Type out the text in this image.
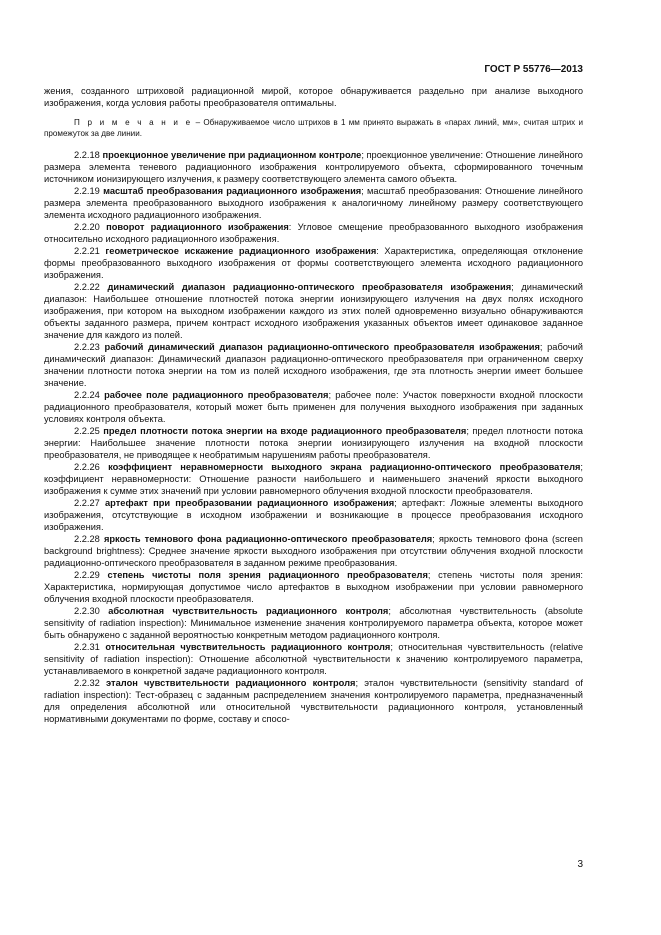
ГОСТ Р 55776—2013

жения, созданного штриховой радиационной мирой, которое обнаруживается раздельно при анализе выходного изображения, когда условия работы преобразователя оптимальны.

П р и м е ч а н и е – Обнаруживаемое число штрихов в 1 мм принято выражать в «парах линий, мм», считая штрих и промежуток за две линии.

2.2.18 проекционное увеличение при радиационном контроле; проекционное увеличение: Отношение линейного размера элемента теневого радиационного изображения контролируемого объекта, сформированного точечным источником ионизирующего излучения, к размеру соответствующего элемента самого объекта.

2.2.19 масштаб преобразования радиационного изображения; масштаб преобразования: Отношение линейного размера элемента преобразованного выходного изображения к аналогичному линейному размеру соответствующего элемента исходного радиационного изображения.

2.2.20 поворот радиационного изображения: Угловое смещение преобразованного выходного изображения относительно исходного радиационного изображения.

2.2.21 геометрическое искажение радиационного изображения: Характеристика, определяющая отклонение формы преобразованного выходного изображения от формы соответствующего элемента исходного радиационного изображения.

2.2.22 динамический диапазон радиационно-оптического преобразователя изображения; динамический диапазон: Наибольшее отношение плотностей потока энергии ионизирующего излучения на двух полях исходного изображения, при котором на выходном изображении каждого из этих полей одновременно визуально обнаруживаются объекты заданного размера, причем контраст исходного изображения указанных объектов имеет одинаковое заданное значение для каждого из полей.

2.2.23 рабочий динамический диапазон радиационно-оптического преобразователя изображения; рабочий динамический диапазон: Динамический диапазон радиационно-оптического преобразователя при ограниченном сверху значении плотности потока энергии на том из полей исходного изображения, где эта плотность энергии имеет большее значение.

2.2.24 рабочее поле радиационного преобразователя; рабочее поле: Участок поверхности входной плоскости радиационного преобразователя, который может быть применен для получения выходного изображения при заданных условиях контроля объекта.

2.2.25 предел плотности потока энергии на входе радиационного преобразователя; предел плотности потока энергии: Наибольшее значение плотности потока энергии ионизирующего излучения на входной плоскости преобразователя, не приводящее к необратимым нарушениям работы преобразователя.

2.2.26 коэффициент неравномерности выходного экрана радиационно-оптического преобразователя; коэффициент неравномерности: Отношение разности наибольшего и наименьшего значений яркости выходного изображения к сумме этих значений при условии равномерного облучения входной плоскости преобразователя.

2.2.27 артефакт при преобразовании радиационного изображения; артефакт: Ложные элементы выходного изображения, отсутствующие в исходном изображении и возникающие в процессе преобразования исходного изображения.

2.2.28 яркость темнового фона радиационно-оптического преобразователя; яркость темнового фона (screen background brightness): Среднее значение яркости выходного изображения при отсутствии облучения входной плоскости радиационно-оптического преобразователя в заданном режиме преобразования.

2.2.29 степень чистоты поля зрения радиационного преобразователя; степень чистоты поля зрения: Характеристика, нормирующая допустимое число артефактов в выходном изображении при условии равномерного облучения входной плоскости преобразователя.

2.2.30 абсолютная чувствительность радиационного контроля; абсолютная чувствительность (absolute sensitivity of radiation inspection): Минимальное изменение значения контролируемого параметра объекта, которое может быть обнаружено с заданной вероятностью конкретным методом радиационного контроля.

2.2.31 относительная чувствительность радиационного контроля; относительная чувствительность (relative sensitivity of radiation inspection): Отношение абсолютной чувствительности к значению контролируемого параметра, устанавливаемого в конкретной задаче радиационного контроля.

2.2.32 эталон чувствительности радиационного контроля; эталон чувствительности (sensitivity standard of radiation inspection): Тест-образец с заданным распределением значения контролируемого параметра, предназначенный для определения абсолютной или относительной чувствительности радиационного контроля, установленный нормативными документами по форме, составу и спосо-

3
